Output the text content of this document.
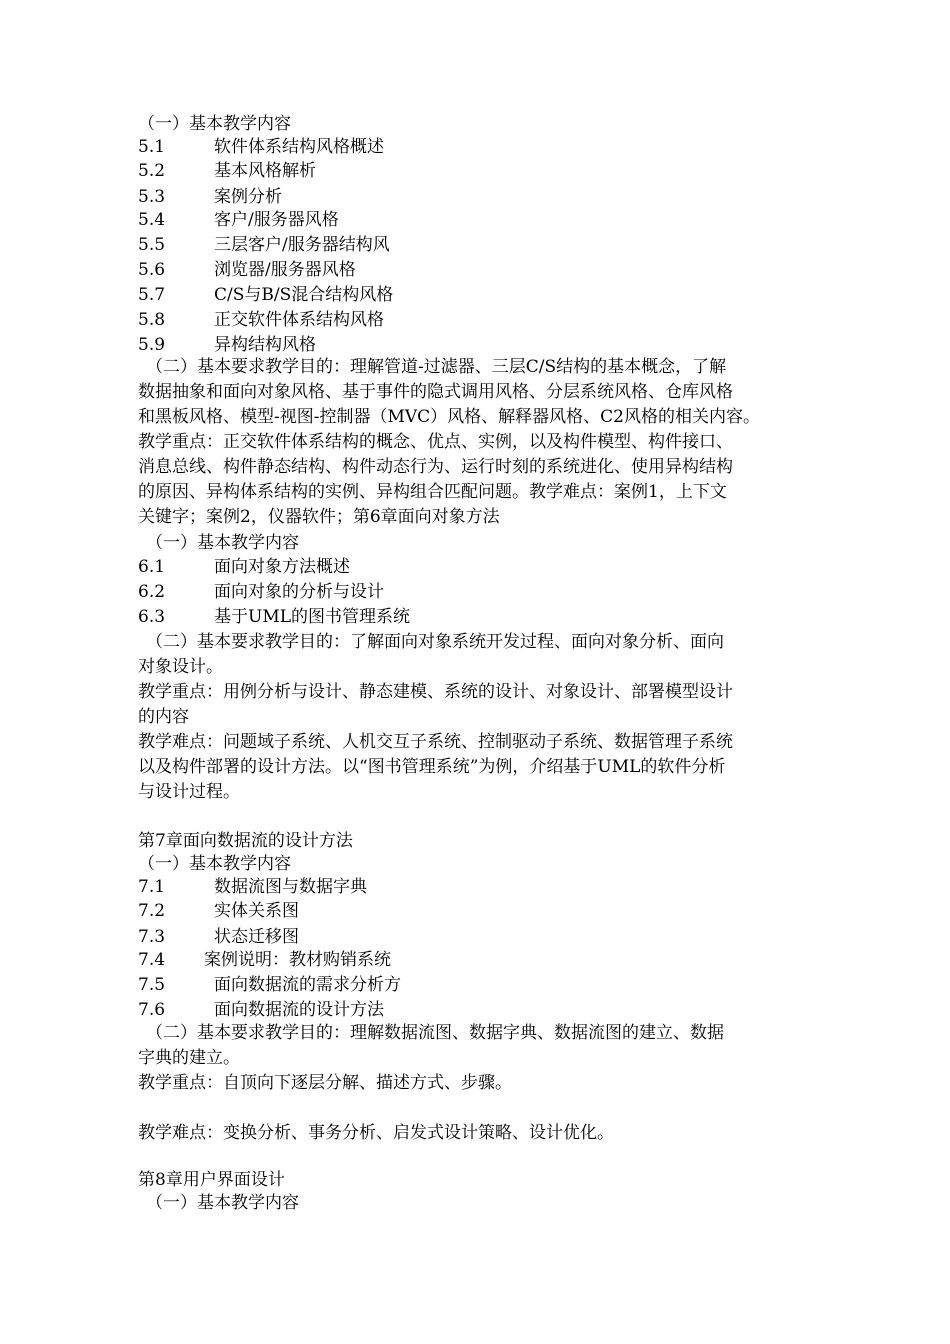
（一）基本教学内容
5.1	软件体系结构风格概述
5.2	基本风格解析
5.3	案例分析
5.4	客户/服务器风格
5.5	三层客户/服务器结构风
5.6	浏览器/服务器风格
5.7	C/S与B/S混合结构风格
5.8	正交软件体系结构风格
5.9	异构结构风格
（二）基本要求教学目的：理解管道-过滤器、三层C/S结构的基本概念，了解
数据抽象和面向对象风格、基于事件的隐式调用风格、分层系统风格、仓库风格
和黑板风格、模型-视图-控制器（MVC）风格、解释器风格、C2风格的相关内容。
教学重点：正交软件体系结构的概念、优点、实例，以及构件模型、构件接口、
消息总线、构件静态结构、构件动态行为、运行时刻的系统进化、使用异构结构
的原因、异构体系结构的实例、异构组合匹配问题。教学难点：案例1，上下文
关键字；案例2，仪器软件；第6章面向对象方法
（一）基本教学内容
6.1	面向对象方法概述
6.2	面向对象的分析与设计
6.3	基于UML的图书管理系统
（二）基本要求教学目的：了解面向对象系统开发过程、面向对象分析、面向
对象设计。
教学重点：用例分析与设计、静态建模、系统的设计、对象设计、部署模型设计
的内容
教学难点：问题域子系统、人机交互子系统、控制驱动子系统、数据管理子系统
以及构件部署的设计方法。以“图书管理系统”为例，介绍基于UML的软件分析
与设计过程。
第7章面向数据流的设计方法
（一）基本教学内容
7.1	数据流图与数据字典
7.2	实体关系图
7.3	状态迁移图
7.4 案例说明：教材购销系统
7.5	面向数据流的需求分析方
7.6	面向数据流的设计方法
（二）基本要求教学目的：理解数据流图、数据字典、数据流图的建立、数据
字典的建立。
教学重点：自顶向下逐层分解、描述方式、步骤。
教学难点：变换分析、事务分析、启发式设计策略、设计优化。
第8章用户界面设计
（一）基本教学内容
